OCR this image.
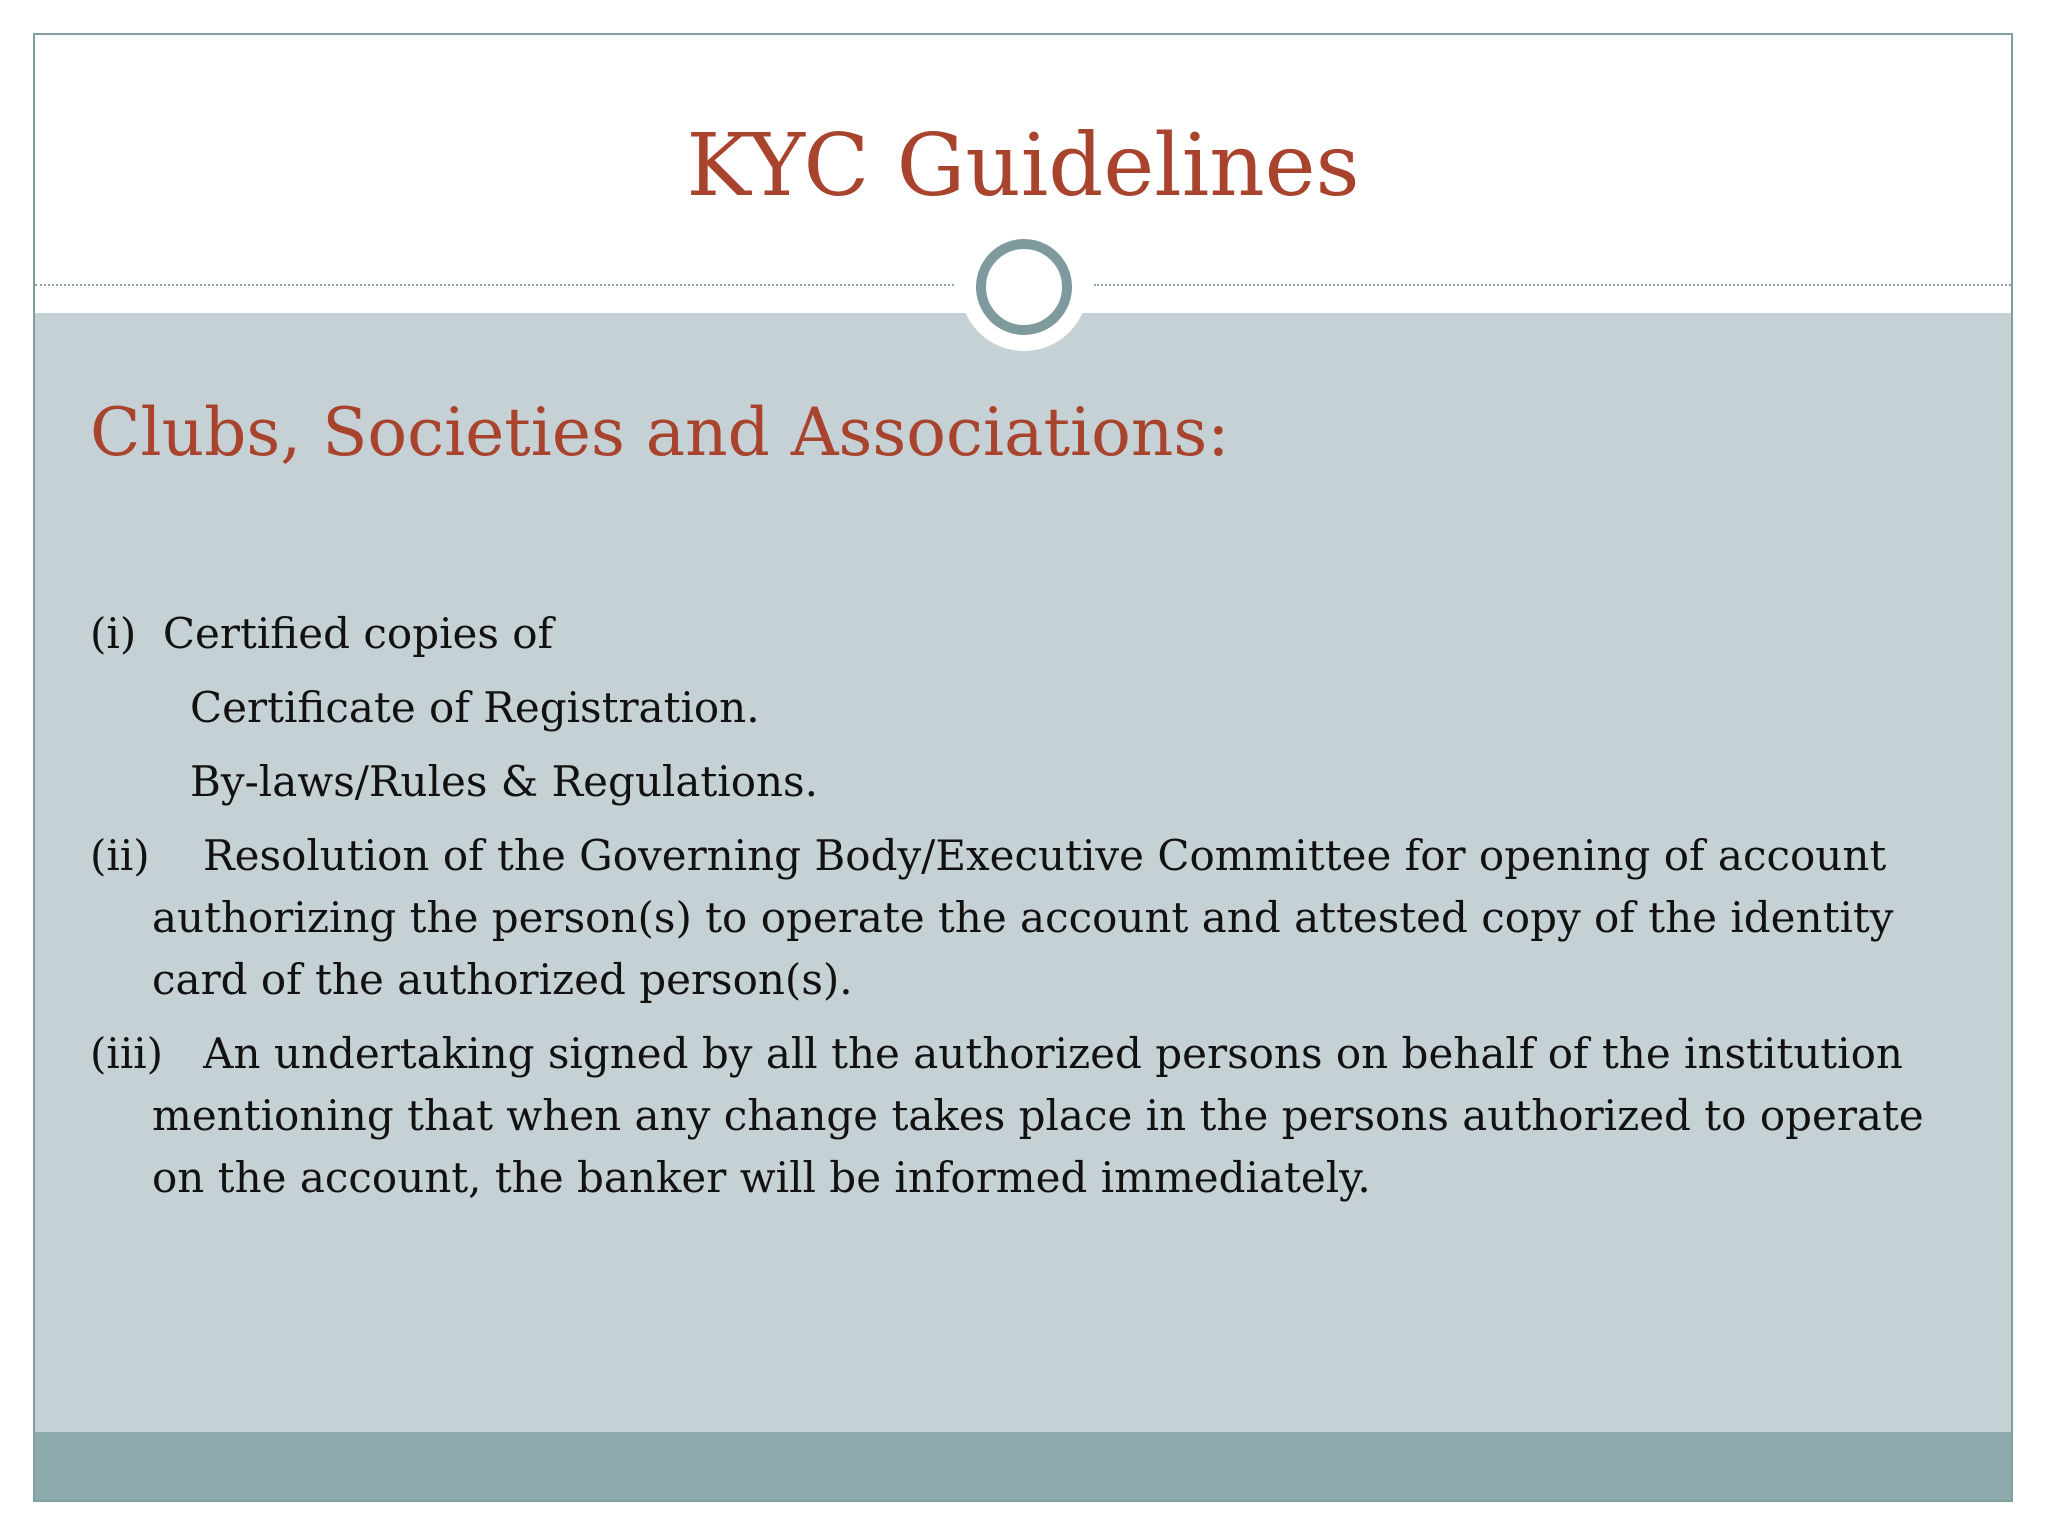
KYC Guidelines
Clubs, Societies and Associations:

(i)  Certified copies of

Certificate of Registration.

By-laws/Rules & Regulations.

(ii)    Resolution of the Governing Body/Executive Committee for opening of account authorizing the person(s) to operate the account and attested copy of the identity card of the authorized person(s).

(iii)   An undertaking signed by all the authorized persons on behalf of the institution mentioning that when any change takes place in the persons authorized to operate on the account, the banker will be informed immediately.
